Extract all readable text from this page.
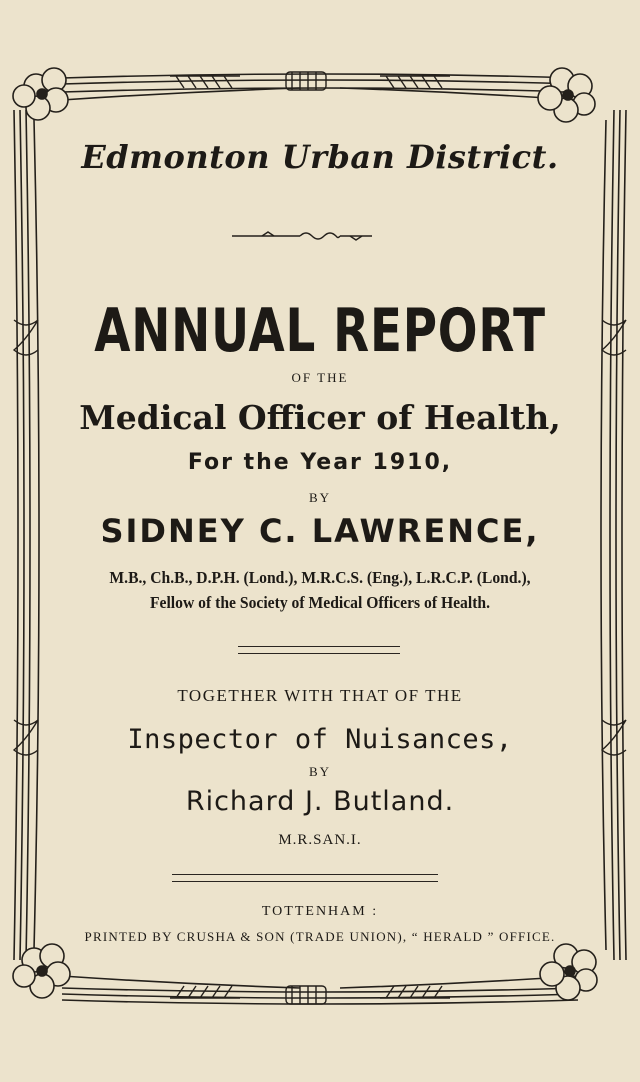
Edmonton Urban District.
ANNUAL REPORT
OF THE
Medical Officer of Health,
For the Year 1910,
BY
SIDNEY C. LAWRENCE,
M.B., Ch.B., D.P.H. (Lond.), M.R.C.S. (Eng.), L.R.C.P. (Lond.),
Fellow of the Society of Medical Officers of Health.
TOGETHER WITH THAT OF THE
Inspector of Nuisances,
BY
Richard J. Butland.
M.R.SAN.I.
TOTTENHAM :
PRINTED BY CRUSHA & SON (TRADE UNION), “ HERALD ” OFFICE.
